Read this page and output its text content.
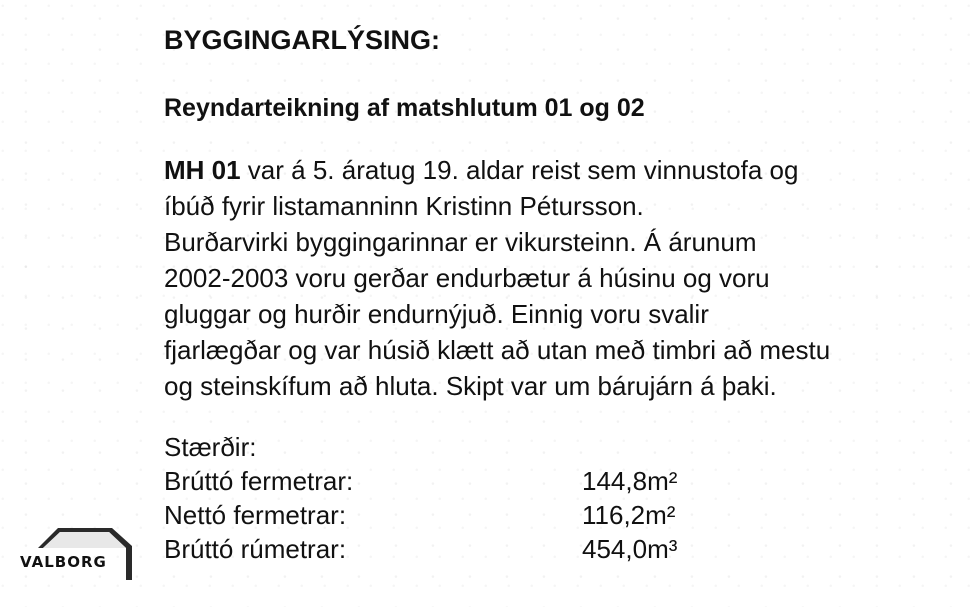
BYGGINGARLÝSING:
Reyndarteikning af matshlutum 01 og 02

MH 01 var á 5. áratug 19. aldar reist sem vinnustofa og
íbúð fyrir listamanninn Kristinn Pétursson.

Burðarvirki byggingarinnar er vikursteinn. Á árunum
2002-2003 voru gerðar endurbætur á húsinu og voru
gluggar og hurðir endurnýjuð. Einnig voru svalir
fjarlægðar og var húsið klætt að utan með timbri að mestu
og steinskífum að hluta. Skipt var um bárujárn á þaki.

Stærðir:
Brúttó fermetrar:	144,8m²
Nettó fermetrar:	116,2m²
Brúttó rúmetrar:	454,0m³
VALBORG
